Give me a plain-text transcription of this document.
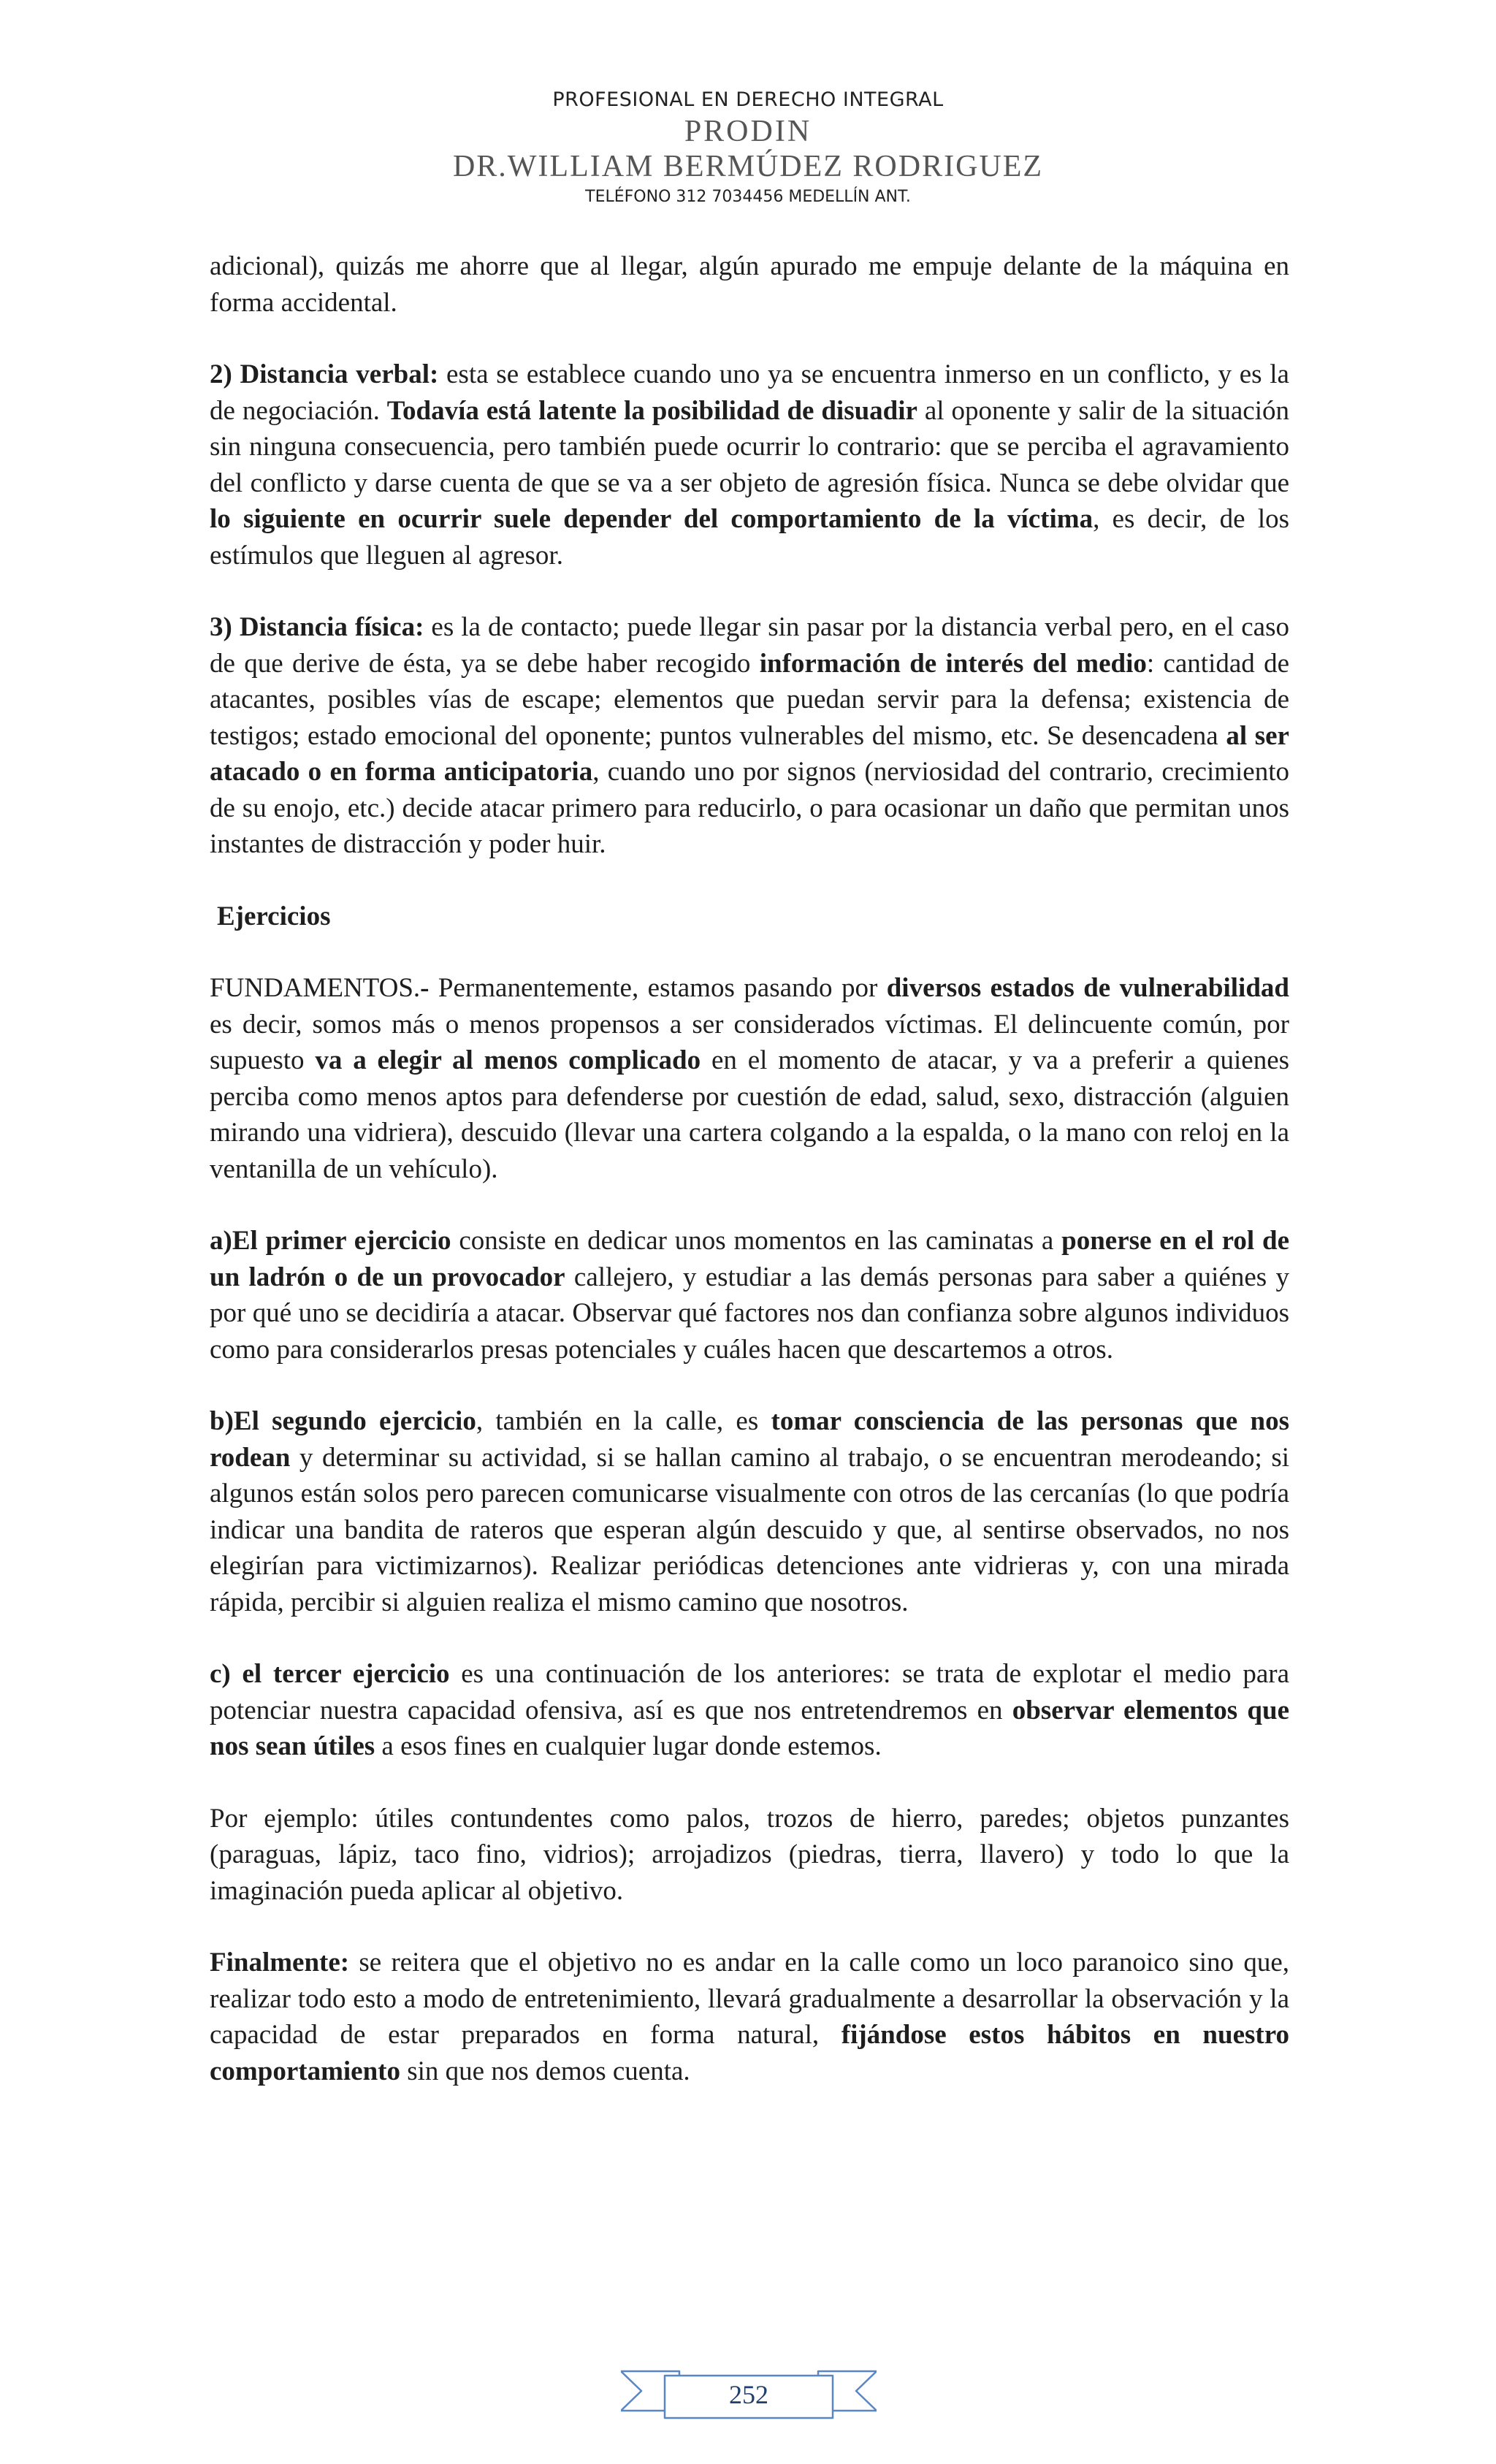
PROFESIONAL EN DERECHO INTEGRAL
PRODIN
DR.WILLIAM BERMÚDEZ RODRIGUEZ
TELÉFONO 312 7034456 MEDELLÍN ANT.

adicional), quizás me ahorre que al llegar, algún apurado me empuje delante de la máquina en forma accidental.

2) Distancia verbal: esta se establece cuando uno ya se encuentra inmerso en un conflicto, y es la de negociación. Todavía está latente la posibilidad de disuadir al oponente y salir de la situación sin ninguna consecuencia, pero también puede ocurrir lo contrario: que se perciba el agravamiento del conflicto y darse cuenta de que se va a ser objeto de agresión física. Nunca se debe olvidar que lo siguiente en ocurrir suele depender del comportamiento de la víctima, es decir, de los estímulos que lleguen al agresor.

3) Distancia física: es la de contacto; puede llegar sin pasar por la distancia verbal pero, en el caso de que derive de ésta, ya se debe haber recogido información de interés del medio: cantidad de atacantes, posibles vías de escape; elementos que puedan servir para la defensa; existencia de testigos; estado emocional del oponente; puntos vulnerables del mismo, etc. Se desencadena al ser atacado o en forma anticipatoria, cuando uno por signos (nerviosidad del contrario, crecimiento de su enojo, etc.) decide atacar primero para reducirlo, o para ocasionar un daño que permitan unos instantes de distracción y poder huir.

Ejercicios

FUNDAMENTOS.- Permanentemente, estamos pasando por diversos estados de vulnerabilidad es decir, somos más o menos propensos a ser considerados víctimas. El delincuente común, por supuesto va a elegir al menos complicado en el momento de atacar, y va a preferir a quienes perciba como menos aptos para defenderse por cuestión de edad, salud, sexo, distracción (alguien mirando una vidriera), descuido (llevar una cartera colgando a la espalda, o la mano con reloj en la ventanilla de un vehículo).

a)El primer ejercicio consiste en dedicar unos momentos en las caminatas a ponerse en el rol de un ladrón o de un provocador callejero, y estudiar a las demás personas para saber a quiénes y por qué uno se decidiría a atacar. Observar qué factores nos dan confianza sobre algunos individuos como para considerarlos presas potenciales y cuáles hacen que descartemos a otros.

b)El segundo ejercicio, también en la calle, es tomar consciencia de las personas que nos rodean y determinar su actividad, si se hallan camino al trabajo, o se encuentran merodeando; si algunos están solos pero parecen comunicarse visualmente con otros de las cercanías (lo que podría indicar una bandita de rateros que esperan algún descuido y que, al sentirse observados, no nos elegirían para victimizarnos). Realizar periódicas detenciones ante vidrieras y, con una mirada rápida, percibir si alguien realiza el mismo camino que nosotros.

c) el tercer ejercicio es una continuación de los anteriores: se trata de explotar el medio para potenciar nuestra capacidad ofensiva, así es que nos entretendremos en observar elementos que nos sean útiles a esos fines en cualquier lugar donde estemos.

Por ejemplo: útiles contundentes como palos, trozos de hierro, paredes; objetos punzantes (paraguas, lápiz, taco fino, vidrios); arrojadizos (piedras, tierra, llavero) y todo lo que la imaginación pueda aplicar al objetivo.

Finalmente: se reitera que el objetivo no es andar en la calle como un loco paranoico sino que, realizar todo esto a modo de entretenimiento, llevará gradualmente a desarrollar la observación y la capacidad de estar preparados en forma natural, fijándose estos hábitos en nuestro comportamiento sin que nos demos cuenta.

252
